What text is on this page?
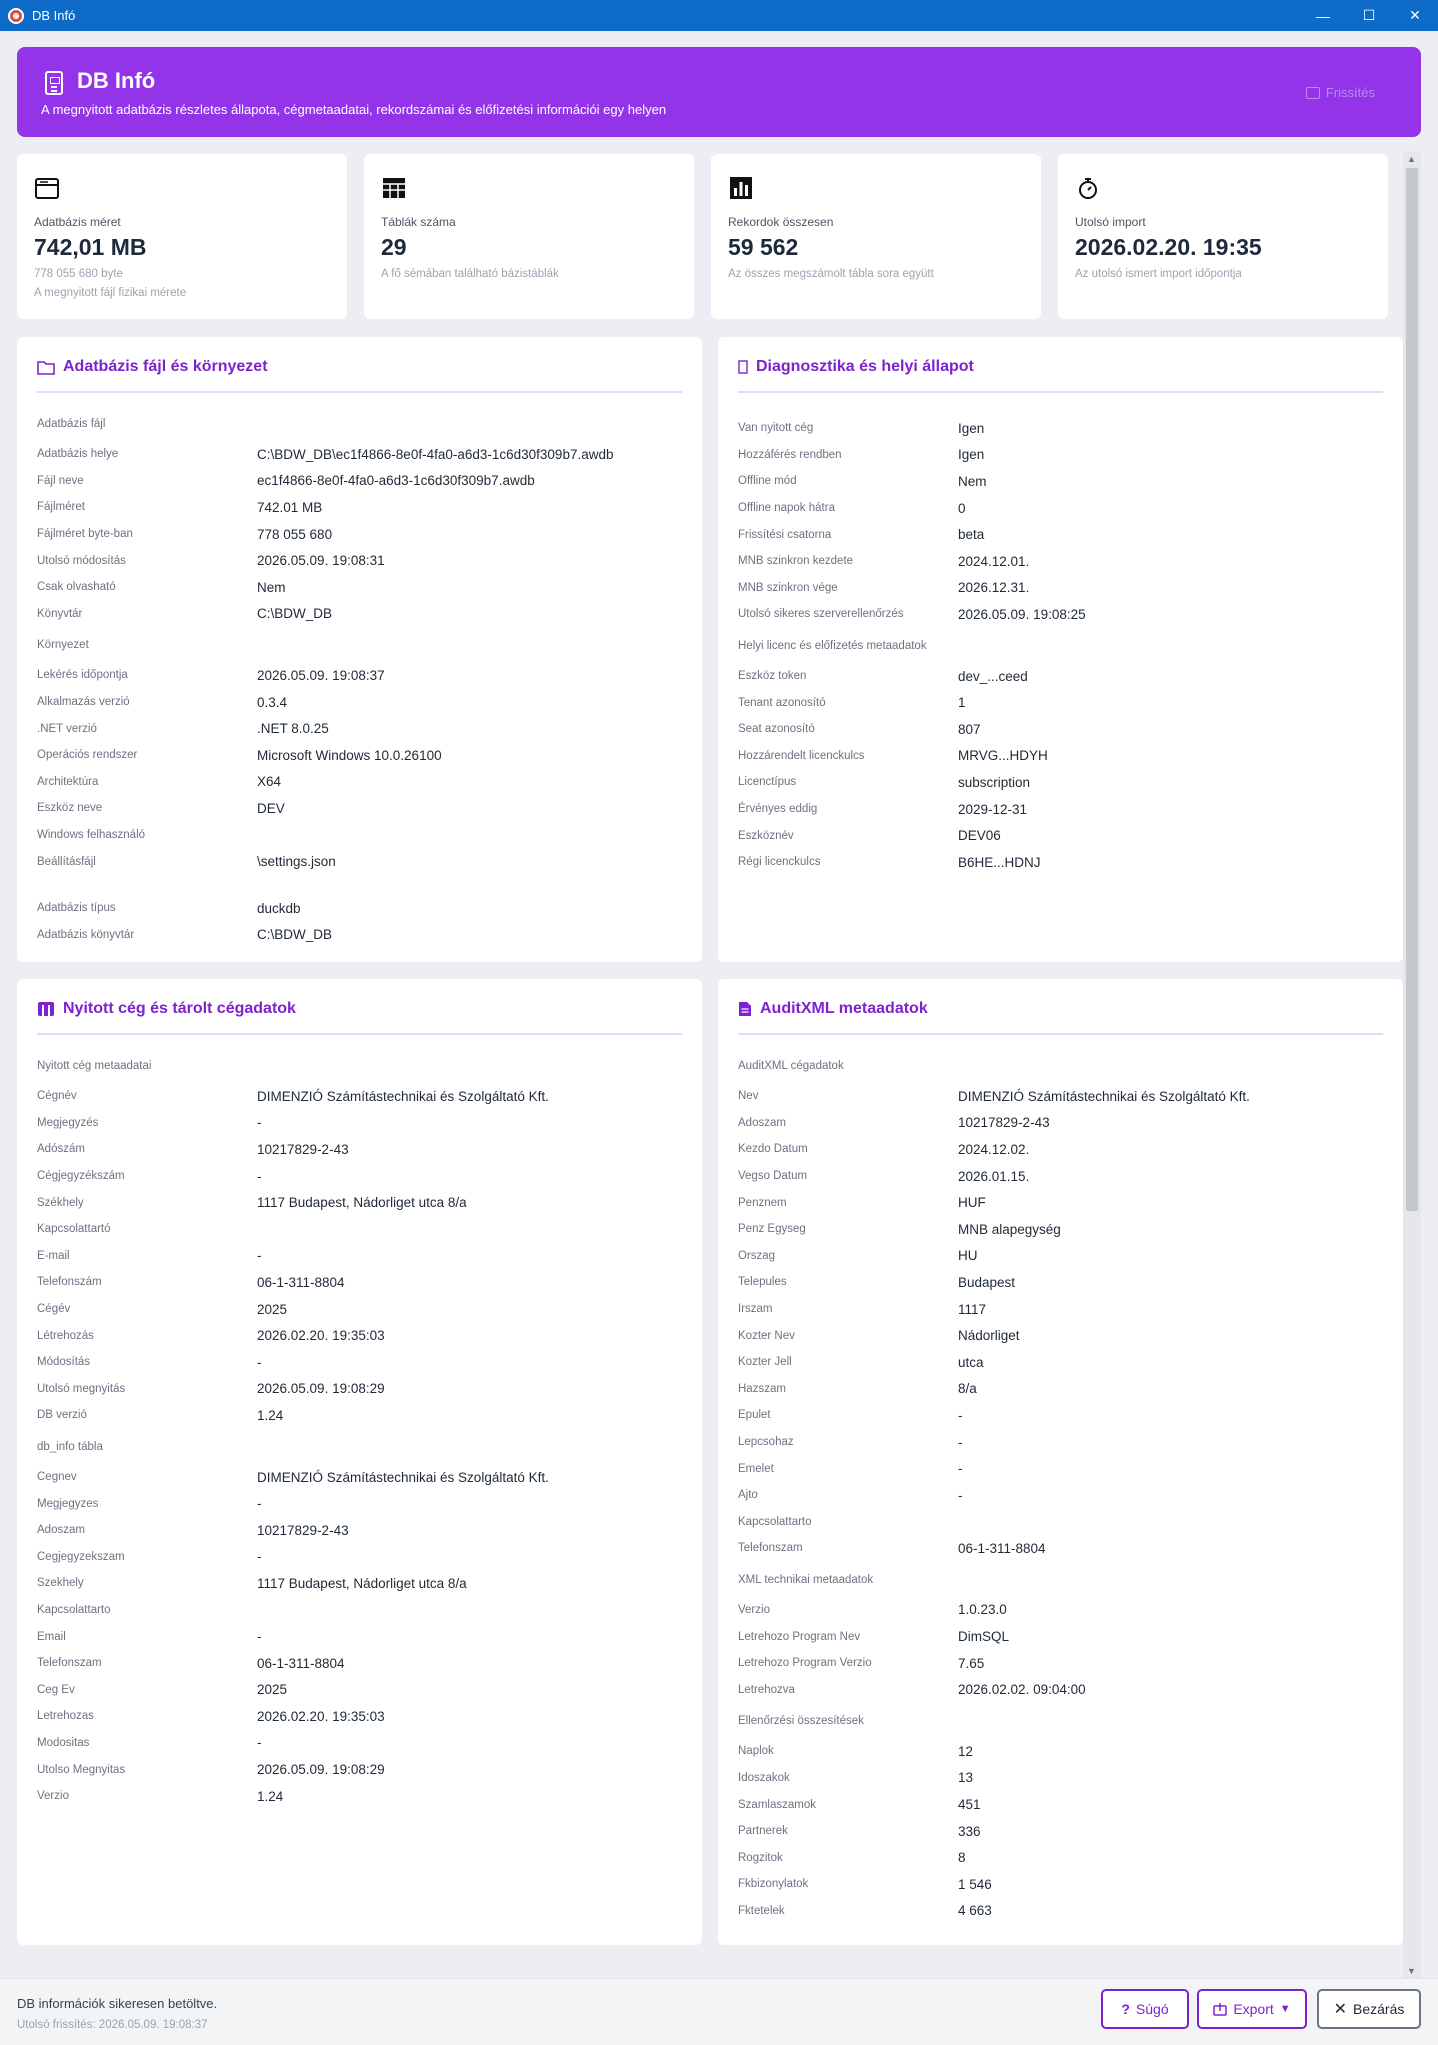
DB Infó	—	☐	✕
DB Infó
A megnyitott adatbázis részletes állapota, cégmetaadatai, rekordszámai és előfizetési információi egy helyen
Frissítés
Adatbázis méret
742,01 MB
778 055 680 byte
A megnyitott fájl fizikai mérete
Táblák száma
29
A fő sémában található bázistáblák
Rekordok összesen
59 562
Az összes megszámolt tábla sora együtt
Utolsó import
2026.02.20. 19:35
Az utolsó ismert import időpontja
Adatbázis fájl és környezet
Adatbázis fájl
Adatbázis helye	C:\BDW_DB\ec1f4866-8e0f-4fa0-a6d3-1c6d30f309b7.awdb
Fájl neve	ec1f4866-8e0f-4fa0-a6d3-1c6d30f309b7.awdb
Fájlméret	742.01 MB
Fájlméret byte-ban	778 055 680
Utolsó módosítás	2026.05.09. 19:08:31
Csak olvasható	Nem
Könyvtár	C:\BDW_DB
Környezet
Lekérés időpontja	2026.05.09. 19:08:37
Alkalmazás verzió	0.3.4
.NET verzió	.NET 8.0.25
Operációs rendszer	Microsoft Windows 10.0.26100
Architektúra	X64
Eszköz neve	DEV
Windows felhasználó
Beállításfájl	\settings.json
Adatbázis típus	duckdb
Adatbázis könyvtár	C:\BDW_DB
Diagnosztika és helyi állapot
Van nyitott cég	Igen
Hozzáférés rendben	Igen
Offline mód	Nem
Offline napok hátra	0
Frissítési csatorna	beta
MNB szinkron kezdete	2024.12.01.
MNB szinkron vége	2026.12.31.
Utolsó sikeres szerverellenőrzés	2026.05.09. 19:08:25
Helyi licenc és előfizetés metaadatok
Eszköz token	dev_...ceed
Tenant azonosító	1
Seat azonosító	807
Hozzárendelt licenckulcs	MRVG...HDYH
Licenctípus	subscription
Érvényes eddig	2029-12-31
Eszköznév	DEV06
Régi licenckulcs	B6HE...HDNJ
Nyitott cég és tárolt cégadatok
Nyitott cég metaadatai
Cégnév	DIMENZIÓ Számítástechnikai és Szolgáltató Kft.
Megjegyzés	-
Adószám	10217829-2-43
Cégjegyzékszám	-
Székhely	1117 Budapest, Nádorliget utca 8/a
Kapcsolattartó
E-mail	-
Telefonszám	06-1-311-8804
Cégév	2025
Létrehozás	2026.02.20. 19:35:03
Módosítás	-
Utolsó megnyitás	2026.05.09. 19:08:29
DB verzió	1.24
db_info tábla
Cegnev	DIMENZIÓ Számítástechnikai és Szolgáltató Kft.
Megjegyzes	-
Adoszam	10217829-2-43
Cegjegyzekszam	-
Szekhely	1117 Budapest, Nádorliget utca 8/a
Kapcsolattarto
Email	-
Telefonszam	06-1-311-8804
Ceg Ev	2025
Letrehozas	2026.02.20. 19:35:03
Modositas	-
Utolso Megnyitas	2026.05.09. 19:08:29
Verzio	1.24
AuditXML metaadatok
AuditXML cégadatok
Nev	DIMENZIÓ Számítástechnikai és Szolgáltató Kft.
Adoszam	10217829-2-43
Kezdo Datum	2024.12.02.
Vegso Datum	2026.01.15.
Penznem	HUF
Penz Egyseg	MNB alapegység
Orszag	HU
Telepules	Budapest
Irszam	1117
Kozter Nev	Nádorliget
Kozter Jell	utca
Hazszam	8/a
Epulet	-
Lepcsohaz	-
Emelet	-
Ajto	-
Kapcsolattarto
Telefonszam	06-1-311-8804
XML technikai metaadatok
Verzio	1.0.23.0
Letrehozo Program Nev	DimSQL
Letrehozo Program Verzio	7.65
Letrehozva	2026.02.02. 09:04:00
Ellenőrzési összesítések
Naplok	12
Idoszakok	13
Szamlaszamok	451
Partnerek	336
Rogzitok	8
Fkbizonylatok	1 546
Fktetelek	4 663
▲
▼
DB információk sikeresen betöltve.
Utolsó frissítés: 2026.05.09. 19:08:37
? Súgó	Export ▼	✕ Bezárás
